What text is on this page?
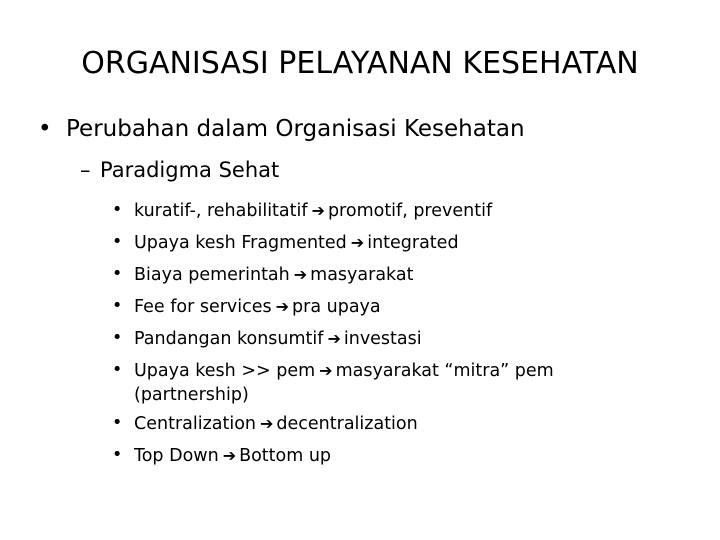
ORGANISASI PELAYANAN KESEHATAN
• Perubahan dalam Organisasi Kesehatan
– Paradigma Sehat
• kuratif-, rehabilitatif ➔ promotif, preventif
• Upaya kesh Fragmented ➔ integrated
• Biaya pemerintah ➔ masyarakat
• Fee for services ➔ pra upaya
• Pandangan konsumtif ➔ investasi
• Upaya kesh >> pem ➔ masyarakat “mitra” pem
(partnership)
• Centralization ➔ decentralization
• Top Down ➔ Bottom up
